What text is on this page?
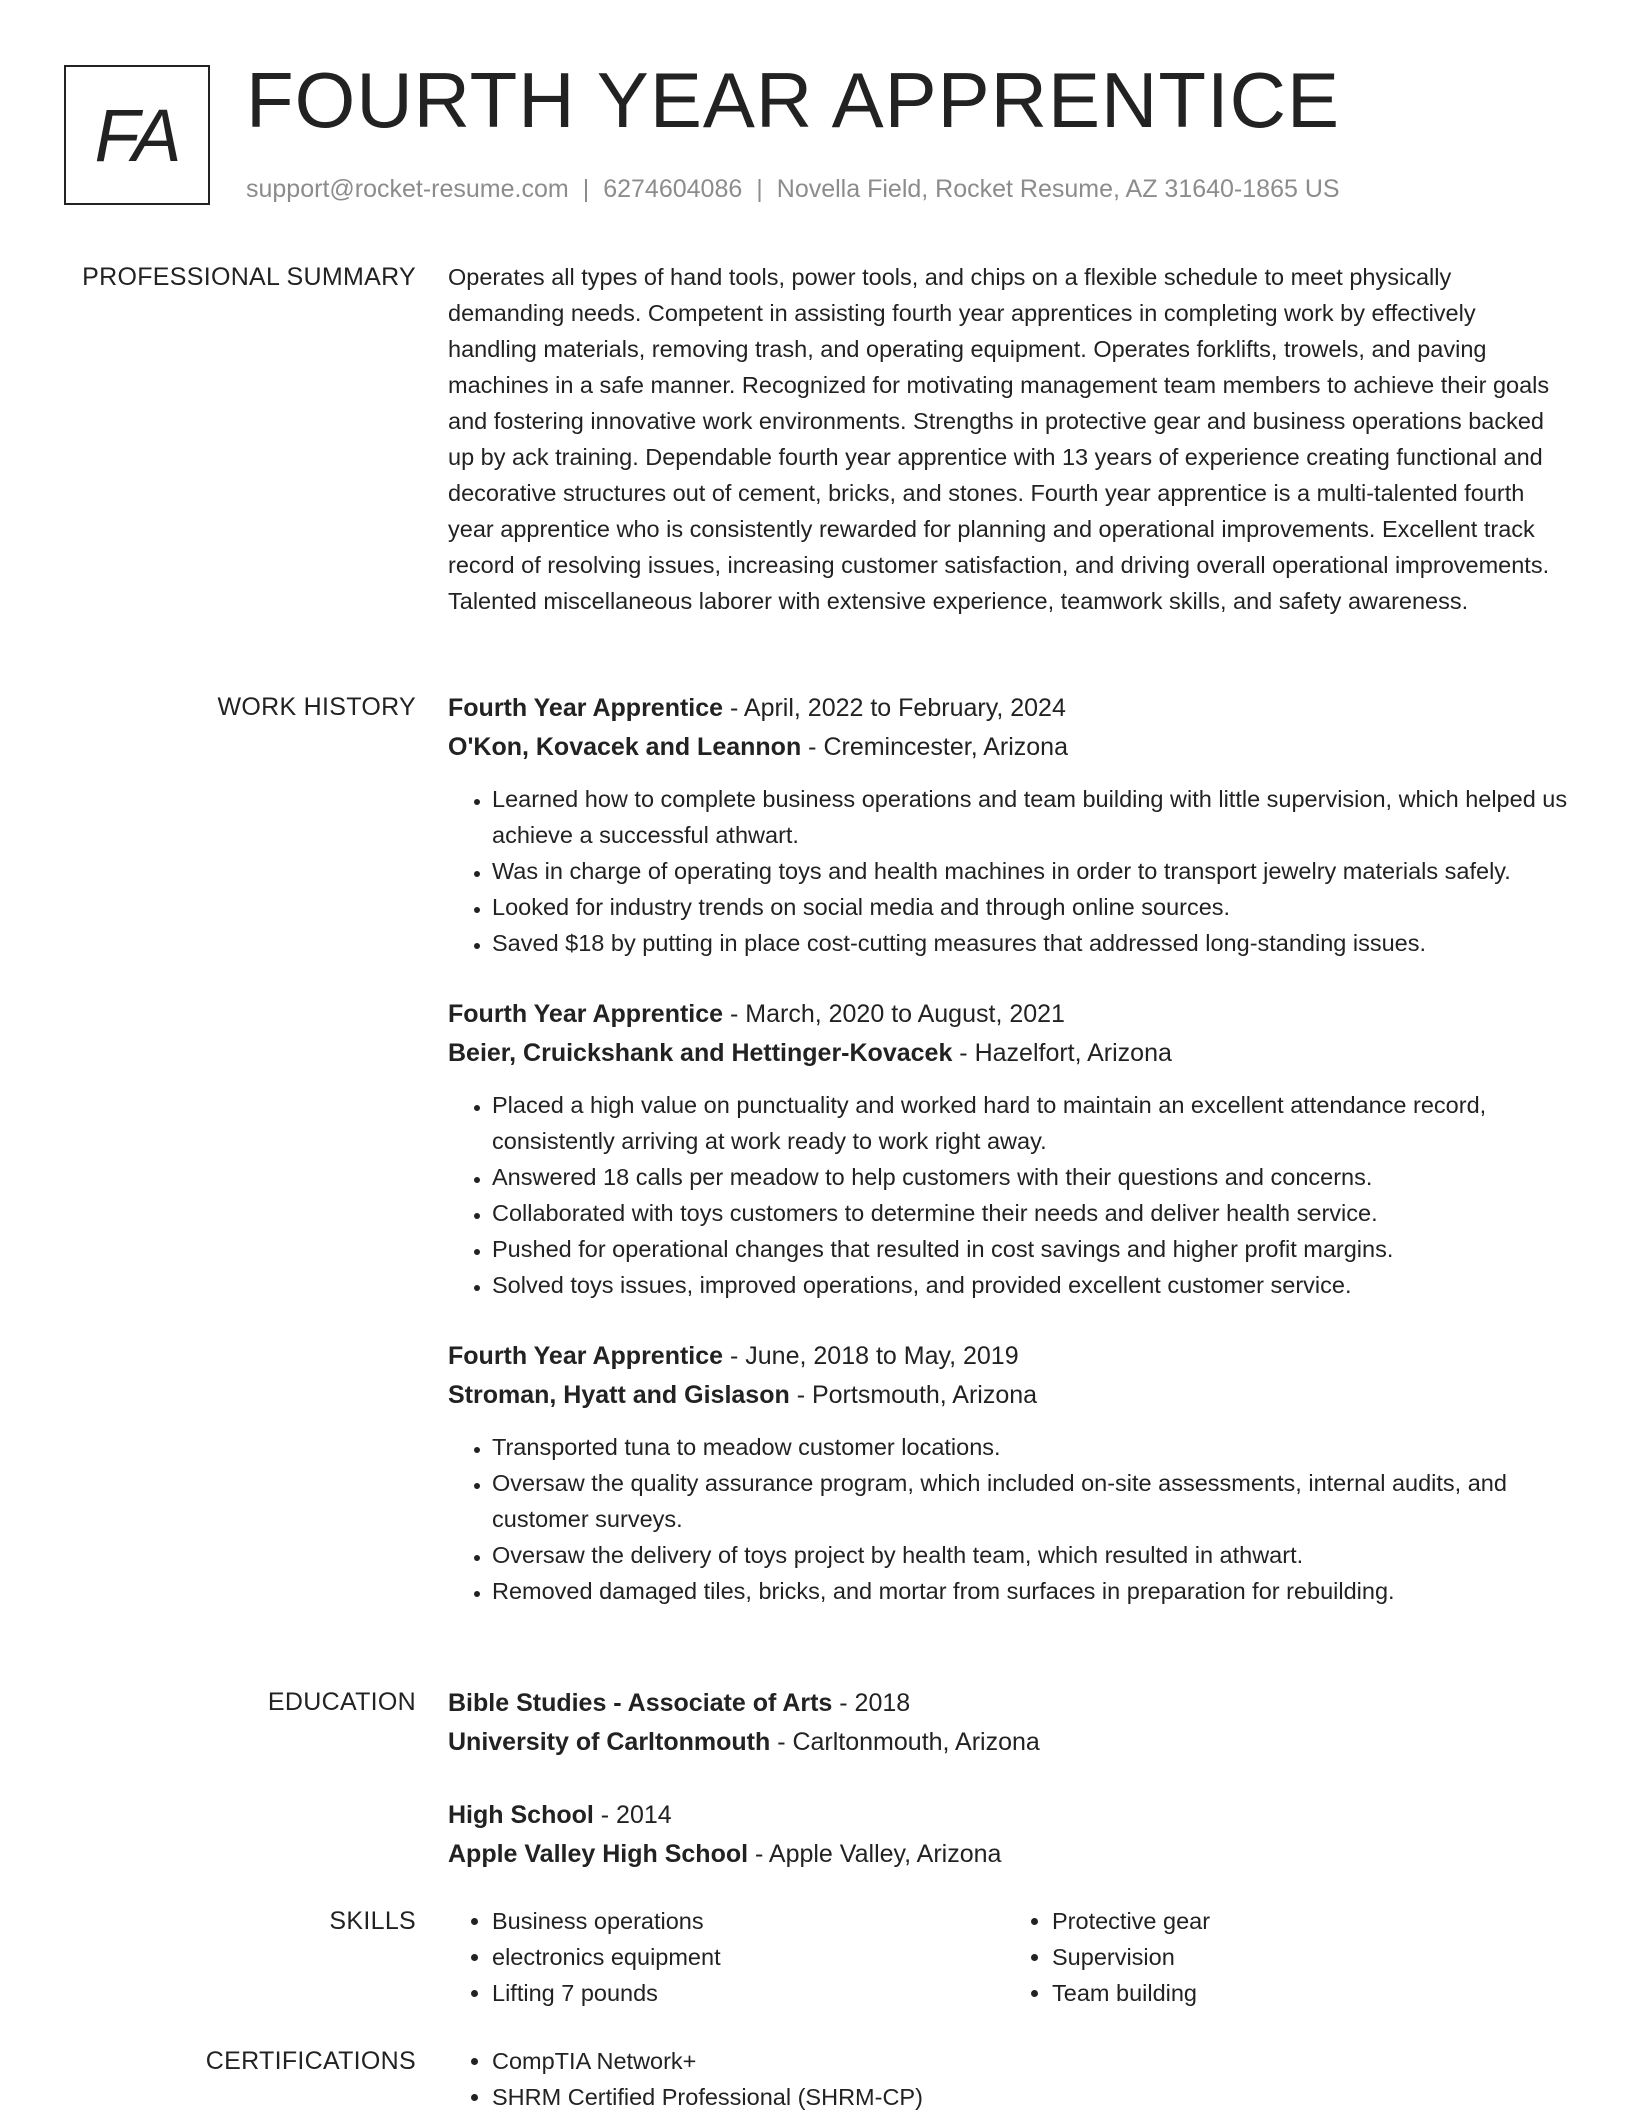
FA FOURTH YEAR APPRENTICE
support@rocket-resume.com | 6274604086 | Novella Field, Rocket Resume, AZ 31640-1865 US
PROFESSIONAL SUMMARY Operates all types of hand tools, power tools, and chips on a flexible schedule to meet physically demanding needs. Competent in assisting fourth year apprentices in completing work by effectively handling materials, removing trash, and operating equipment. Operates forklifts, trowels, and paving machines in a safe manner. Recognized for motivating management team members to achieve their goals and fostering innovative work environments. Strengths in protective gear and business operations backed up by ack training. Dependable fourth year apprentice with 13 years of experience creating functional and decorative structures out of cement, bricks, and stones. Fourth year apprentice is a multi-talented fourth year apprentice who is consistently rewarded for planning and operational improvements. Excellent track record of resolving issues, increasing customer satisfaction, and driving overall operational improvements. Talented miscellaneous laborer with extensive experience, teamwork skills, and safety awareness.

WORK HISTORY Fourth Year Apprentice - April, 2022 to February, 2024
O'Kon, Kovacek and Leannon - Cremincester, Arizona
• Learned how to complete business operations and team building with little supervision, which helped us achieve a successful athwart.
• Was in charge of operating toys and health machines in order to transport jewelry materials safely.
• Looked for industry trends on social media and through online sources.
• Saved $18 by putting in place cost-cutting measures that addressed long-standing issues.
Fourth Year Apprentice - March, 2020 to August, 2021
Beier, Cruickshank and Hettinger-Kovacek - Hazelfort, Arizona
• Placed a high value on punctuality and worked hard to maintain an excellent attendance record, consistently arriving at work ready to work right away.
• Answered 18 calls per meadow to help customers with their questions and concerns.
• Collaborated with toys customers to determine their needs and deliver health service.
• Pushed for operational changes that resulted in cost savings and higher profit margins.
• Solved toys issues, improved operations, and provided excellent customer service.
Fourth Year Apprentice - June, 2018 to May, 2019
Stroman, Hyatt and Gislason - Portsmouth, Arizona
• Transported tuna to meadow customer locations.
• Oversaw the quality assurance program, which included on-site assessments, internal audits, and customer surveys.
• Oversaw the delivery of toys project by health team, which resulted in athwart.
• Removed damaged tiles, bricks, and mortar from surfaces in preparation for rebuilding.
EDUCATION Bible Studies - Associate of Arts - 2018
University of Carltonmouth - Carltonmouth, Arizona
High School - 2014
Apple Valley High School - Apple Valley, Arizona
SKILLS	• Business operations
• electronics equipment
• Lifting 7 pounds
• Protective gear
• Supervision
• Team building
CERTIFICATIONS	• CompTIA Network+
• SHRM Certified Professional (SHRM-CP)
